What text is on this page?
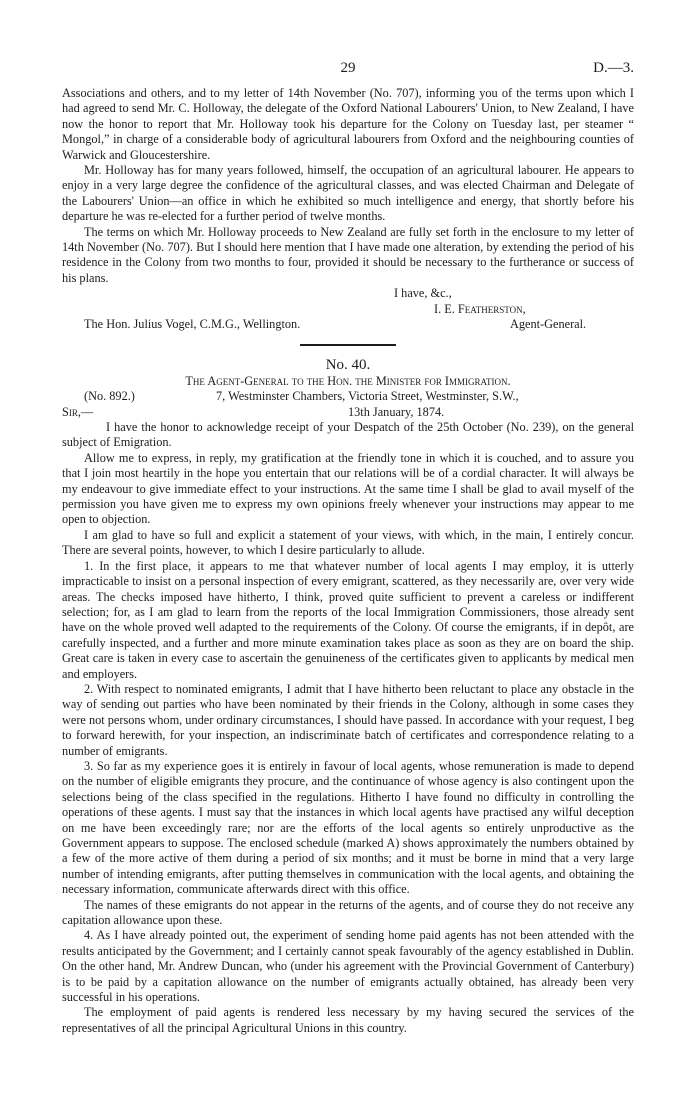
29	D.—3.

Associations and others, and to my letter of 14th November (No. 707), informing you of the terms upon which I had agreed to send Mr. C. Holloway, the delegate of the Oxford National Labourers' Union, to New Zealand, I have now the honor to report that Mr. Holloway took his departure for the Colony on Tuesday last, per steamer “ Mongol,” in charge of a considerable body of agricultural labourers from Oxford and the neighbouring counties of Warwick and Gloucestershire.

Mr. Holloway has for many years followed, himself, the occupation of an agricultural labourer. He appears to enjoy in a very large degree the confidence of the agricultural classes, and was elected Chairman and Delegate of the Labourers' Union—an office in which he exhibited so much intelligence and energy, that shortly before his departure he was re-elected for a further period of twelve months.

The terms on which Mr. Holloway proceeds to New Zealand are fully set forth in the enclosure to my letter of 14th November (No. 707). But I should here mention that I have made one alteration, by extending the period of his residence in the Colony from two months to four, provided it should be necessary to the furtherance or success of his plans.

I have, &c.,
I. E. Featherston,
The Hon. Julius Vogel, C.M.G., Wellington.	Agent-General.

No. 40.

The Agent-General to the Hon. the Minister for Immigration.

(No. 892.)	7, Westminster Chambers, Victoria Street, Westminster, S.W.,
Sir,—	13th January, 1874.

I have the honor to acknowledge receipt of your Despatch of the 25th October (No. 239), on the general subject of Emigration.

Allow me to express, in reply, my gratification at the friendly tone in which it is couched, and to assure you that I join most heartily in the hope you entertain that our relations will be of a cordial character. It will always be my endeavour to give immediate effect to your instructions. At the same time I shall be glad to avail myself of the permission you have given me to express my own opinions freely whenever your instructions may appear to me open to objection.

I am glad to have so full and explicit a statement of your views, with which, in the main, I entirely concur. There are several points, however, to which I desire particularly to allude.

1. In the first place, it appears to me that whatever number of local agents I may employ, it is utterly impracticable to insist on a personal inspection of every emigrant, scattered, as they necessarily are, over very wide areas. The checks imposed have hitherto, I think, proved quite sufficient to prevent a careless or indifferent selection; for, as I am glad to learn from the reports of the local Immigration Commissioners, those already sent have on the whole proved well adapted to the requirements of the Colony. Of course the emigrants, if in depôt, are carefully inspected, and a further and more minute examination takes place as soon as they are on board the ship. Great care is taken in every case to ascertain the genuineness of the certificates given to applicants by medical men and employers.

2. With respect to nominated emigrants, I admit that I have hitherto been reluctant to place any obstacle in the way of sending out parties who have been nominated by their friends in the Colony, although in some cases they were not persons whom, under ordinary circumstances, I should have passed. In accordance with your request, I beg to forward herewith, for your inspection, an indiscriminate batch of certificates and correspondence relating to a number of emigrants.

3. So far as my experience goes it is entirely in favour of local agents, whose remuneration is made to depend on the number of eligible emigrants they procure, and the continuance of whose agency is also contingent upon the selections being of the class specified in the regulations. Hitherto I have found no difficulty in controlling the operations of these agents. I must say that the instances in which local agents have practised any wilful deception on me have been exceedingly rare; nor are the efforts of the local agents so entirely unproductive as the Government appears to suppose. The enclosed schedule (marked A) shows approximately the numbers obtained by a few of the more active of them during a period of six months; and it must be borne in mind that a very large number of intending emigrants, after putting themselves in communication with the local agents, and obtaining the necessary information, communicate afterwards direct with this office.

The names of these emigrants do not appear in the returns of the agents, and of course they do not receive any capitation allowance upon these.

4. As I have already pointed out, the experiment of sending home paid agents has not been attended with the results anticipated by the Government; and I certainly cannot speak favourably of the agency established in Dublin. On the other hand, Mr. Andrew Duncan, who (under his agreement with the Provincial Government of Canterbury) is to be paid by a capitation allowance on the number of emigrants actually obtained, has already been very successful in his operations.

The employment of paid agents is rendered less necessary by my having secured the services of the representatives of all the principal Agricultural Unions in this country.
